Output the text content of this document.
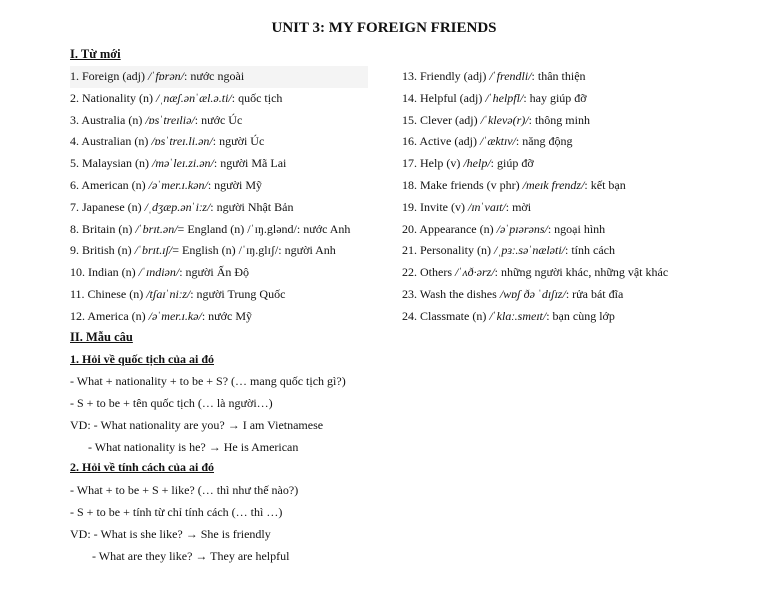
UNIT 3: MY FOREIGN FRIENDS
I. Từ mới
1. Foreign (adj) /ˈfɒrən/: nước ngoài
2. Nationality (n) /ˌnæʃ.ənˈæl.ə.ti/: quốc tịch
3. Australia (n) /ɒsˈtreɪliə/: nước Úc
4. Australian (n) /ɒsˈtreɪ.li.ən/: người Úc
5. Malaysian (n) /məˈleɪ.zi.ən/: người Mã Lai
6. American (n) /əˈmer.ɪ.kən/: người Mỹ
7. Japanese (n) /ˌdʒæp.ənˈiːz/: người Nhật Bản
8. Britain (n) /ˈbrɪt.ən/= England (n) /ˈɪŋ.glənd/: nước Anh
9. British (n) /ˈbrɪt.ɪʃ/= English (n) /ˈɪŋ.glɪʃ/: người Anh
10. Indian (n) /ˈɪndiən/: người Ấn Độ
11. Chinese (n) /tʃaɪˈniːz/: người Trung Quốc
12. America (n) /əˈmer.ɪ.kə/: nước Mỹ
13. Friendly (adj) /ˈfrendli/: thân thiện
14. Helpful (adj) /ˈhelpfl/: hay giúp đỡ
15. Clever (adj) /ˈklevə(r)/: thông minh
16. Active (adj) /ˈæktɪv/: năng động
17. Help (v) /help/: giúp đỡ
18. Make friends (v phr) /meɪk frendz/: kết bạn
19. Invite (v) /ɪnˈvaɪt/: mời
20. Appearance (n) /əˈpɪərəns/: ngoại hình
21. Personality (n) /ˌpɜː.səˈnæləti/: tính cách
22. Others /ˈʌð·ərz/: những người khác, những vật khác
23. Wash the dishes /wɒʃ ðə ˈdɪʃɪz/: rửa bát đĩa
24. Classmate (n) /ˈklɑː.smeɪt/: bạn cùng lớp
II. Mẫu câu
1. Hỏi về quốc tịch của ai đó
- What + nationality + to be + S? (… mang quốc tịch gì?)
- S + to be + tên quốc tịch (… là người…)
VD: - What nationality are you? → I am Vietnamese
- What nationality is he? → He is American
2. Hỏi về tính cách của ai đó
- What + to be + S + like? (… thì như thế nào?)
- S + to be + tính từ chỉ tính cách (… thì …)
VD: - What is she like? → She is friendly
- What are they like? → They are helpful
